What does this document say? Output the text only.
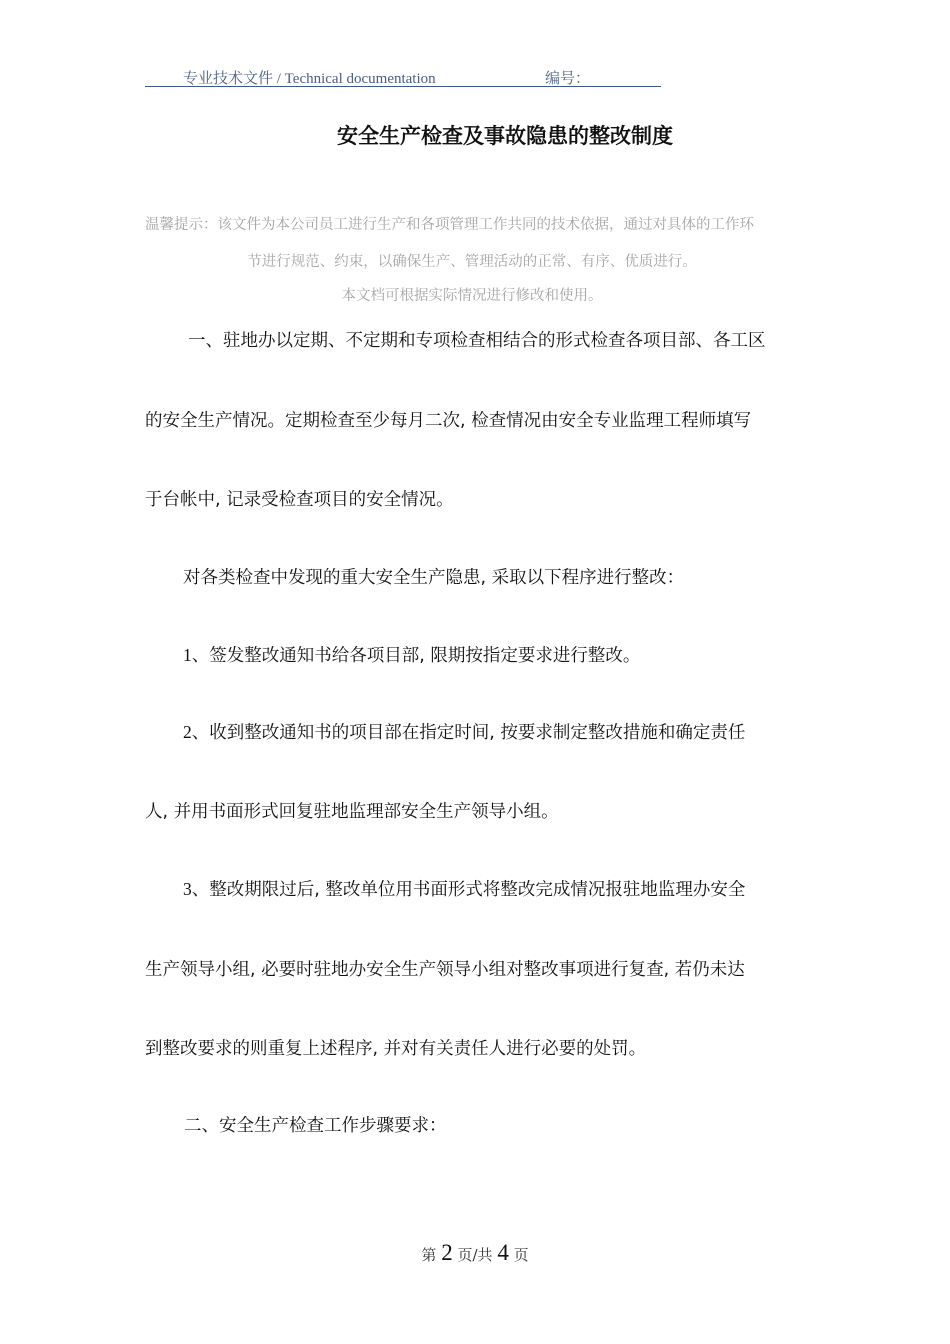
专业技术文件 / Technical documentation	编号：
安全生产检查及事故隐患的整改制度
温馨提示：该文件为本公司员工进行生产和各项管理工作共同的技术依据，通过对具体的工作环
节进行规范、约束，以确保生产、管理活动的正常、有序、优质进行。
本文档可根据实际情况进行修改和使用。
一、驻地办以定期、不定期和专项检查相结合的形式检查各项目部、各工区
的安全生产情况。定期检查至少每月二次, 检查情况由安全专业监理工程师填写
于台帐中, 记录受检查项目的安全情况。
对各类检查中发现的重大安全生产隐患, 采取以下程序进行整改：
1、签发整改通知书给各项目部, 限期按指定要求进行整改。
2、收到整改通知书的项目部在指定时间, 按要求制定整改措施和确定责任
人, 并用书面形式回复驻地监理部安全生产领导小组。
3、整改期限过后, 整改单位用书面形式将整改完成情况报驻地监理办安全
生产领导小组, 必要时驻地办安全生产领导小组对整改事项进行复查, 若仍未达
到整改要求的则重复上述程序, 并对有关责任人进行必要的处罚。
二、安全生产检查工作步骤要求：
第 2 页/共 4 页
